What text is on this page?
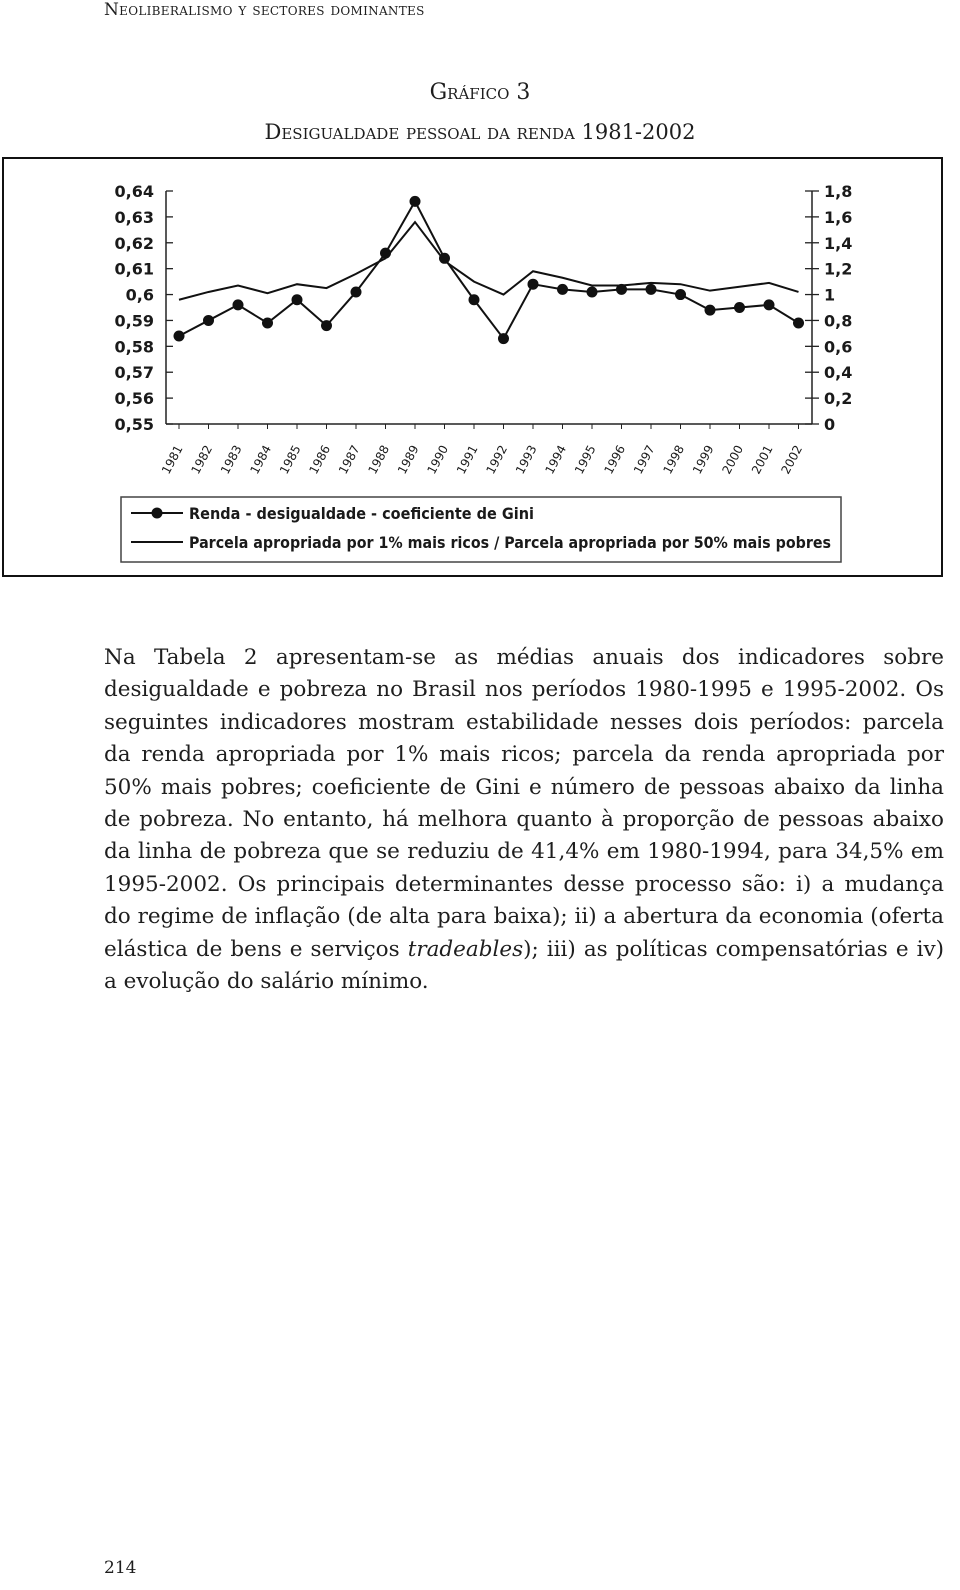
Neoliberalismo y sectores dominantes
Gráfico 3
Desigualdade pessoal da renda 1981-2002
0,64
0,63
0,62
0,61
0,6
0,59
0,58
0,57
0,56
0,55
1,8
1,6
1,4
1,2
1
0,8
0,6
0,4
0,2
0
1981 1982 1983 1984 1985 1986 1987 1988 1989 1990 1991 1992 1993 1994 1995 1996 1997 1998 1999 2000 2001 2002
Renda - desigualdade - coeficiente de Gini
Parcela apropriada por 1% mais ricos / Parcela apropriada por 50% mais pobres

Na Tabela 2 apresentam-se as médias anuais dos indicadores sobre desigualdade e pobreza no Brasil nos períodos 1980-1995 e 1995-2002. Os seguintes indicadores mostram estabilidade nesses dois períodos: parcela da renda apropriada por 1% mais ricos; parcela da renda apropriada por 50% mais pobres; coeficiente de Gini e número de pessoas abaixo da linha de pobreza. No entanto, há melhora quanto à proporção de pessoas abaixo da linha de pobreza que se reduziu de 41,4% em 1980-1994, para 34,5% em 1995-2002. Os principais determinantes desse processo são: i) a mudança do regime de inflação (de alta para baixa); ii) a abertura da economia (oferta elástica de bens e serviços tradeables); iii) as políticas compensatórias e iv) a evolução do salário mínimo.

214
